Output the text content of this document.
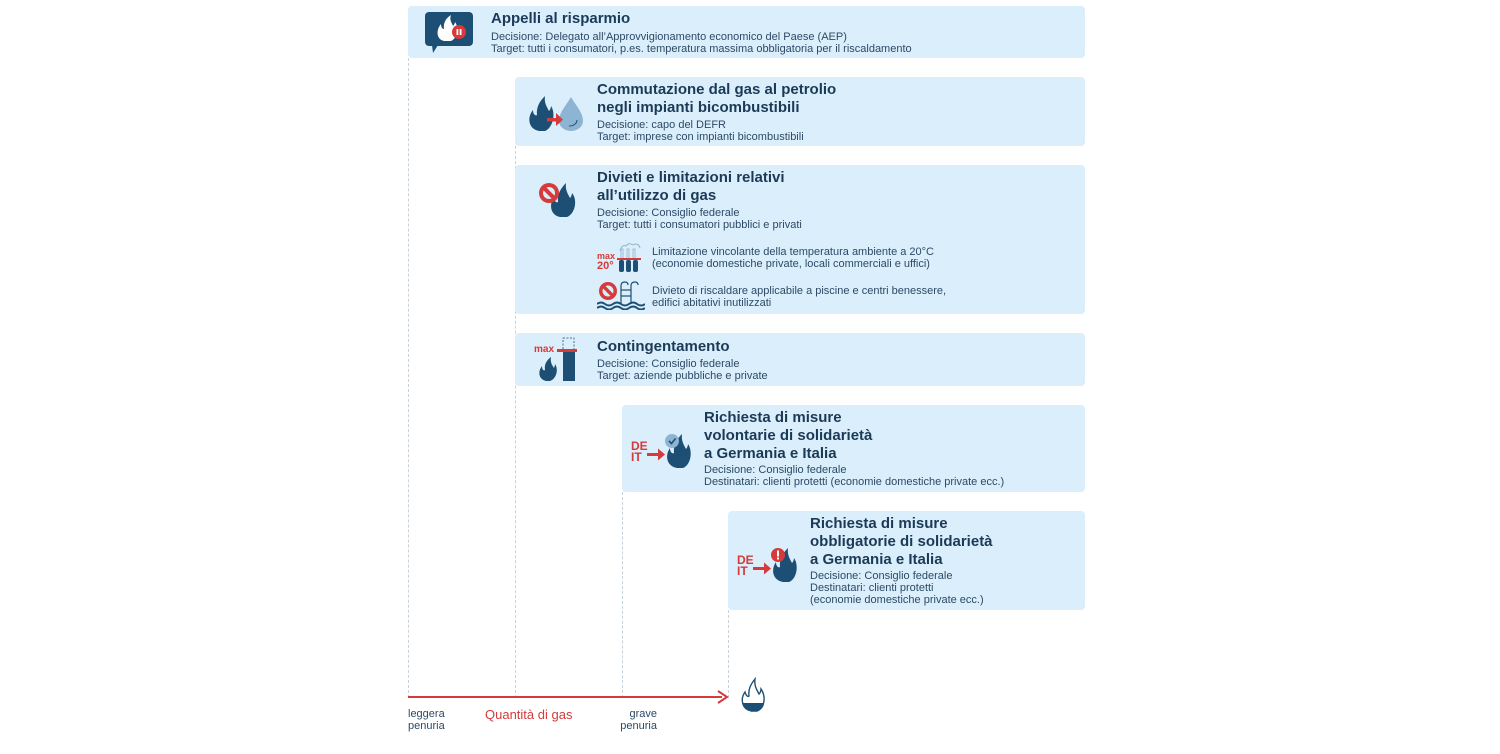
Appelli al risparmio
Decisione: Delegato all’Approvvigionamento economico del Paese (AEP)
Target: tutti i consumatori, p.es. temperatura massima obbligatoria per il riscaldamento
Commutazione dal gas al petrolio
negli impianti bicombustibili
Decisione: capo del DEFR
Target: imprese con impianti bicombustibili
Divieti e limitazioni relativi
all’utilizzo di gas
Decisione: Consiglio federale
Target: tutti i consumatori pubblici e privati
max
20°
Limitazione vincolante della temperatura ambiente a 20°C
(economie domestiche private, locali commerciali e uffici)
Divieto di riscaldare applicabile a piscine e centri benessere,
edifici abitativi inutilizzati
max	Contingentamento
Decisione: Consiglio federale
Target: aziende pubbliche e private
DE
IT
Richiesta di misure
volontarie di solidarietà
a Germania e Italia
Decisione: Consiglio federale
Destinatari: clienti protetti (economie domestiche private ecc.)
DE
IT
Richiesta di misure
obbligatorie di solidarietà
a Germania e Italia
Decisione: Consiglio federale
Destinatari: clienti protetti
(economie domestiche private ecc.)
leggera
penuria
Quantità di gas	grave
penuria
